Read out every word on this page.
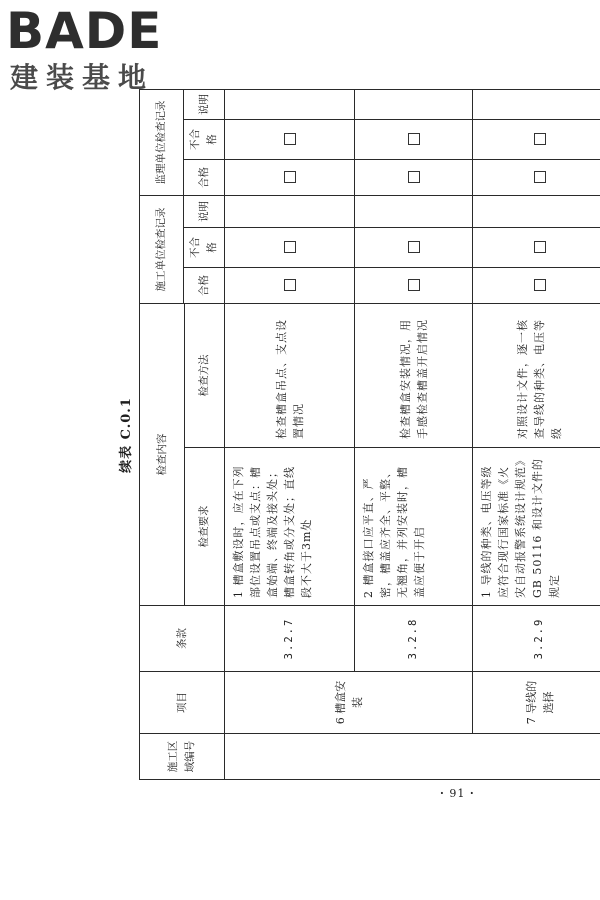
BADE
建装基地
续表 C.0.1
施工区域编号	项目	条款	检查内容		施工单位检查记录			监理单位检查记录		
					合格	不合格	说明	合格	不合格	说明
			检查要求	检查方法						
	6 槽盒安装	3.2.7	1 槽盒敷设时，应在下列部位设置吊点或支点：槽盒始端、终端及接头处；槽盒转角或分支处；直线段不大于3m处	检查槽盒吊点、支点设置情况						
		3.2.8	2 槽盒接口应平直、严密，槽盖应齐全、平整、无翘角，并列安装时，槽盖应便于开启	检查槽盒安装情况，用手感检查槽盖开启情况						
	7 导线的选择	3.2.9	1 导线的种类、电压等级应符合现行国家标准《火灾自动报警系统设计规范》GB 50116 和设计文件的规定	对照设计文件，逐一核查导线的种类、电压等级						
· 91 ·
